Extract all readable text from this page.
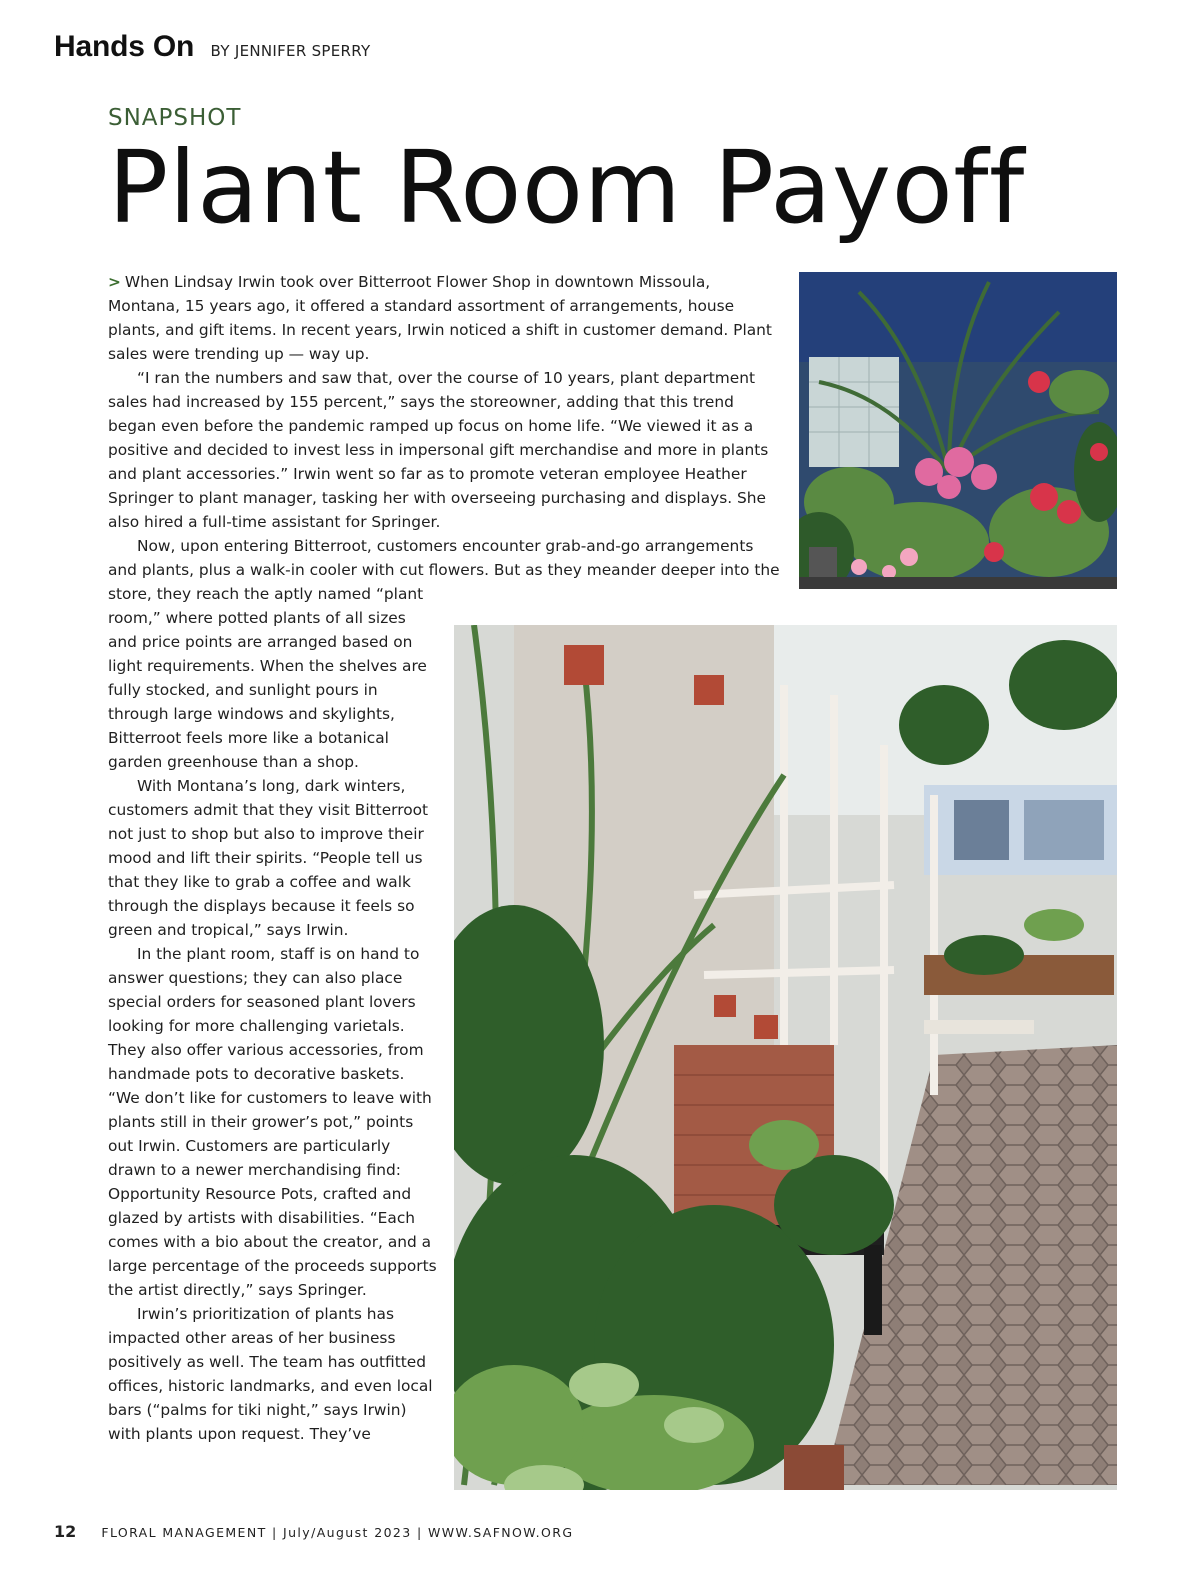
Hands On BY JENNIFER SPERRY
SNAPSHOT
Plant Room Payoff

> When Lindsay Irwin took over Bitterroot Flower Shop in downtown Missoula, Montana, 15 years ago, it offered a standard assortment of arrangements, house plants, and gift items. In recent years, Irwin noticed a shift in customer demand. Plant sales were trending up — way up.

“I ran the numbers and saw that, over the course of 10 years, plant department sales had increased by 155 percent,” says the storeowner, adding that this trend began even before the pandemic ramped up focus on home life. “We viewed it as a positive and decided to invest less in impersonal gift merchandise and more in plants and plant accessories.” Irwin went so far as to promote veteran employee Heather Springer to plant manager, tasking her with overseeing purchasing and displays. She also hired a full-time assistant for Springer.

Now, upon entering Bitterroot, customers encounter grab-and-go arrangements and plants, plus a walk-in cooler with cut flowers. But as they meander deeper into the

store, they reach the aptly named “plant room,” where potted plants of all sizes and price points are arranged based on light requirements. When the shelves are fully stocked, and sunlight pours in through large windows and skylights, Bitterroot feels more like a botanical garden greenhouse than a shop.

With Montana’s long, dark winters, customers admit that they visit Bitterroot not just to shop but also to improve their mood and lift their spirits. “People tell us that they like to grab a coffee and walk through the displays because it feels so green and tropical,” says Irwin.

In the plant room, staff is on hand to answer questions; they can also place special orders for seasoned plant lovers looking for more challenging varietals. They also offer various accessories, from handmade pots to decorative baskets. “We don’t like for customers to leave with plants still in their grower’s pot,” points out Irwin. Customers are particularly drawn to a newer merchandising find: Opportunity Resource Pots, crafted and glazed by artists with disabilities. “Each comes with a bio about the creator, and a large percentage of the proceeds supports the artist directly,” says Springer.

Irwin’s prioritization of plants has impacted other areas of her business positively as well. The team has outfitted offices, historic landmarks, and even local bars (“palms for tiki night,” says Irwin) with plants upon request. They’ve

12 FLORAL MANAGEMENT | July/August 2023 | WWW.SAFNOW.ORG
